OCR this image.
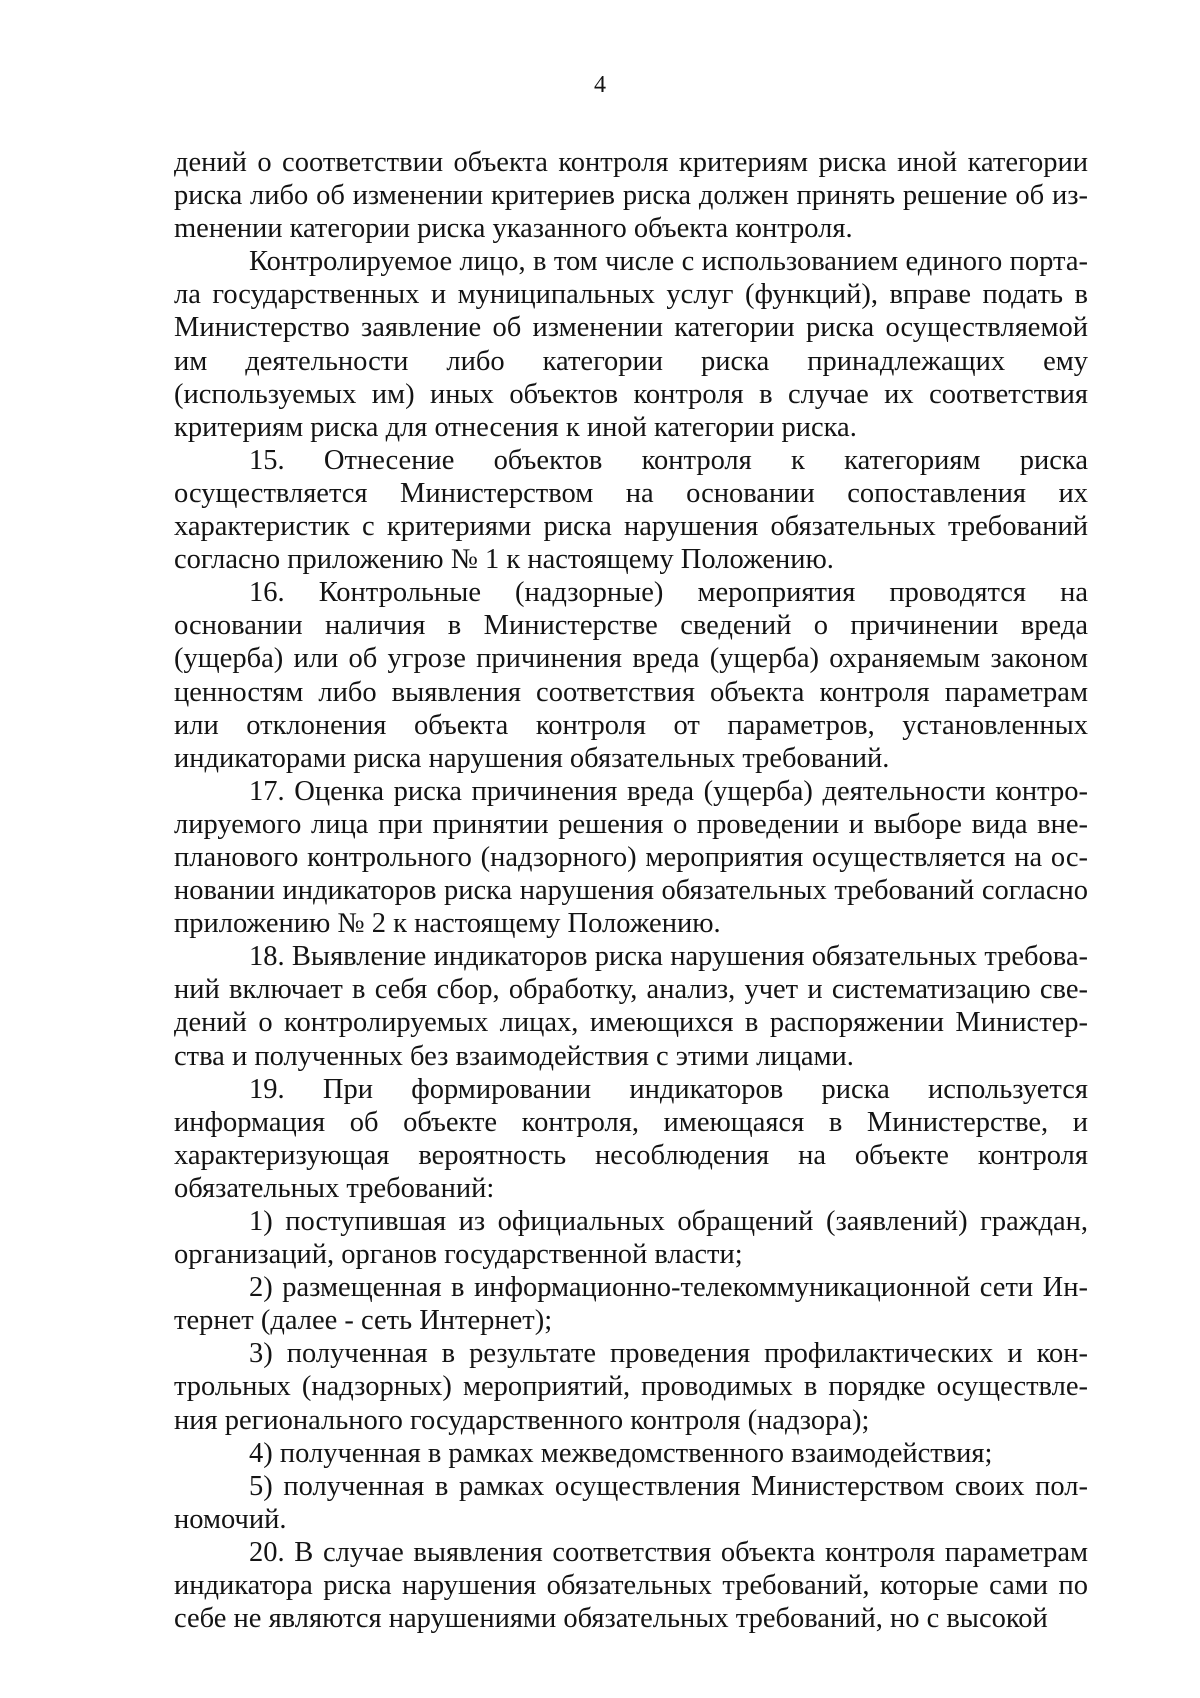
4

дений о соответствии объекта контроля критериям риска иной категории риска либо об изменении критериев риска должен принять решение об изmенении категории риска указанного объекта контроля.

Контролируемое лицо, в том числе с использованием единого портала государственных и муниципальных услуг (функций), вправе подать в Министерство заявление об изменении категории риска осуществляемой им деятельности либо категории риска принадлежащих ему (используемых им) иных объектов контроля в случае их соответствия критериям риска для отнесения к иной категории риска.

15. Отнесение объектов контроля к категориям риска осуществляется Министерством на основании сопоставления их характеристик с критериями риска нарушения обязательных требований согласно приложению № 1 к настоящему Положению.

16. Контрольные (надзорные) мероприятия проводятся на основании наличия в Министерстве сведений о причинении вреда (ущерба) или об угрозе причинения вреда (ущерба) охраняемым законом ценностям либо выявления соответствия объекта контроля параметрам или отклонения объекта контроля от параметров, установленных индикаторами риска нарушения обязательных требований.

17. Оценка риска причинения вреда (ущерба) деятельности контролируемого лица при принятии решения о проведении и выборе вида внепланового контрольного (надзорного) мероприятия осуществляется на основании индикаторов риска нарушения обязательных требований согласно приложению № 2 к настоящему Положению.

18. Выявление индикаторов риска нарушения обязательных требований включает в себя сбор, обработку, анализ, учет и систематизацию сведений о контролируемых лицах, имеющихся в распоряжении Министерства и полученных без взаимодействия с этими лицами.

19. При формировании индикаторов риска используется информация об объекте контроля, имеющаяся в Министерстве, и характеризующая вероятность несоблюдения на объекте контроля обязательных требований:

1) поступившая из официальных обращений (заявлений) граждан, организаций, органов государственной власти;

2) размещенная в информационно-телекоммуникационной сети Интернет (далее - сеть Интернет);

3) полученная в результате проведения профилактических и контрольных (надзорных) мероприятий, проводимых в порядке осуществления регионального государственного контроля (надзора);

4) полученная в рамках межведомственного взаимодействия;

5) полученная в рамках осуществления Министерством своих полномочий.

20. В случае выявления соответствия объекта контроля параметрам индикатора риска нарушения обязательных требований, которые сами по себе не являются нарушениями обязательных требований, но с высокой
